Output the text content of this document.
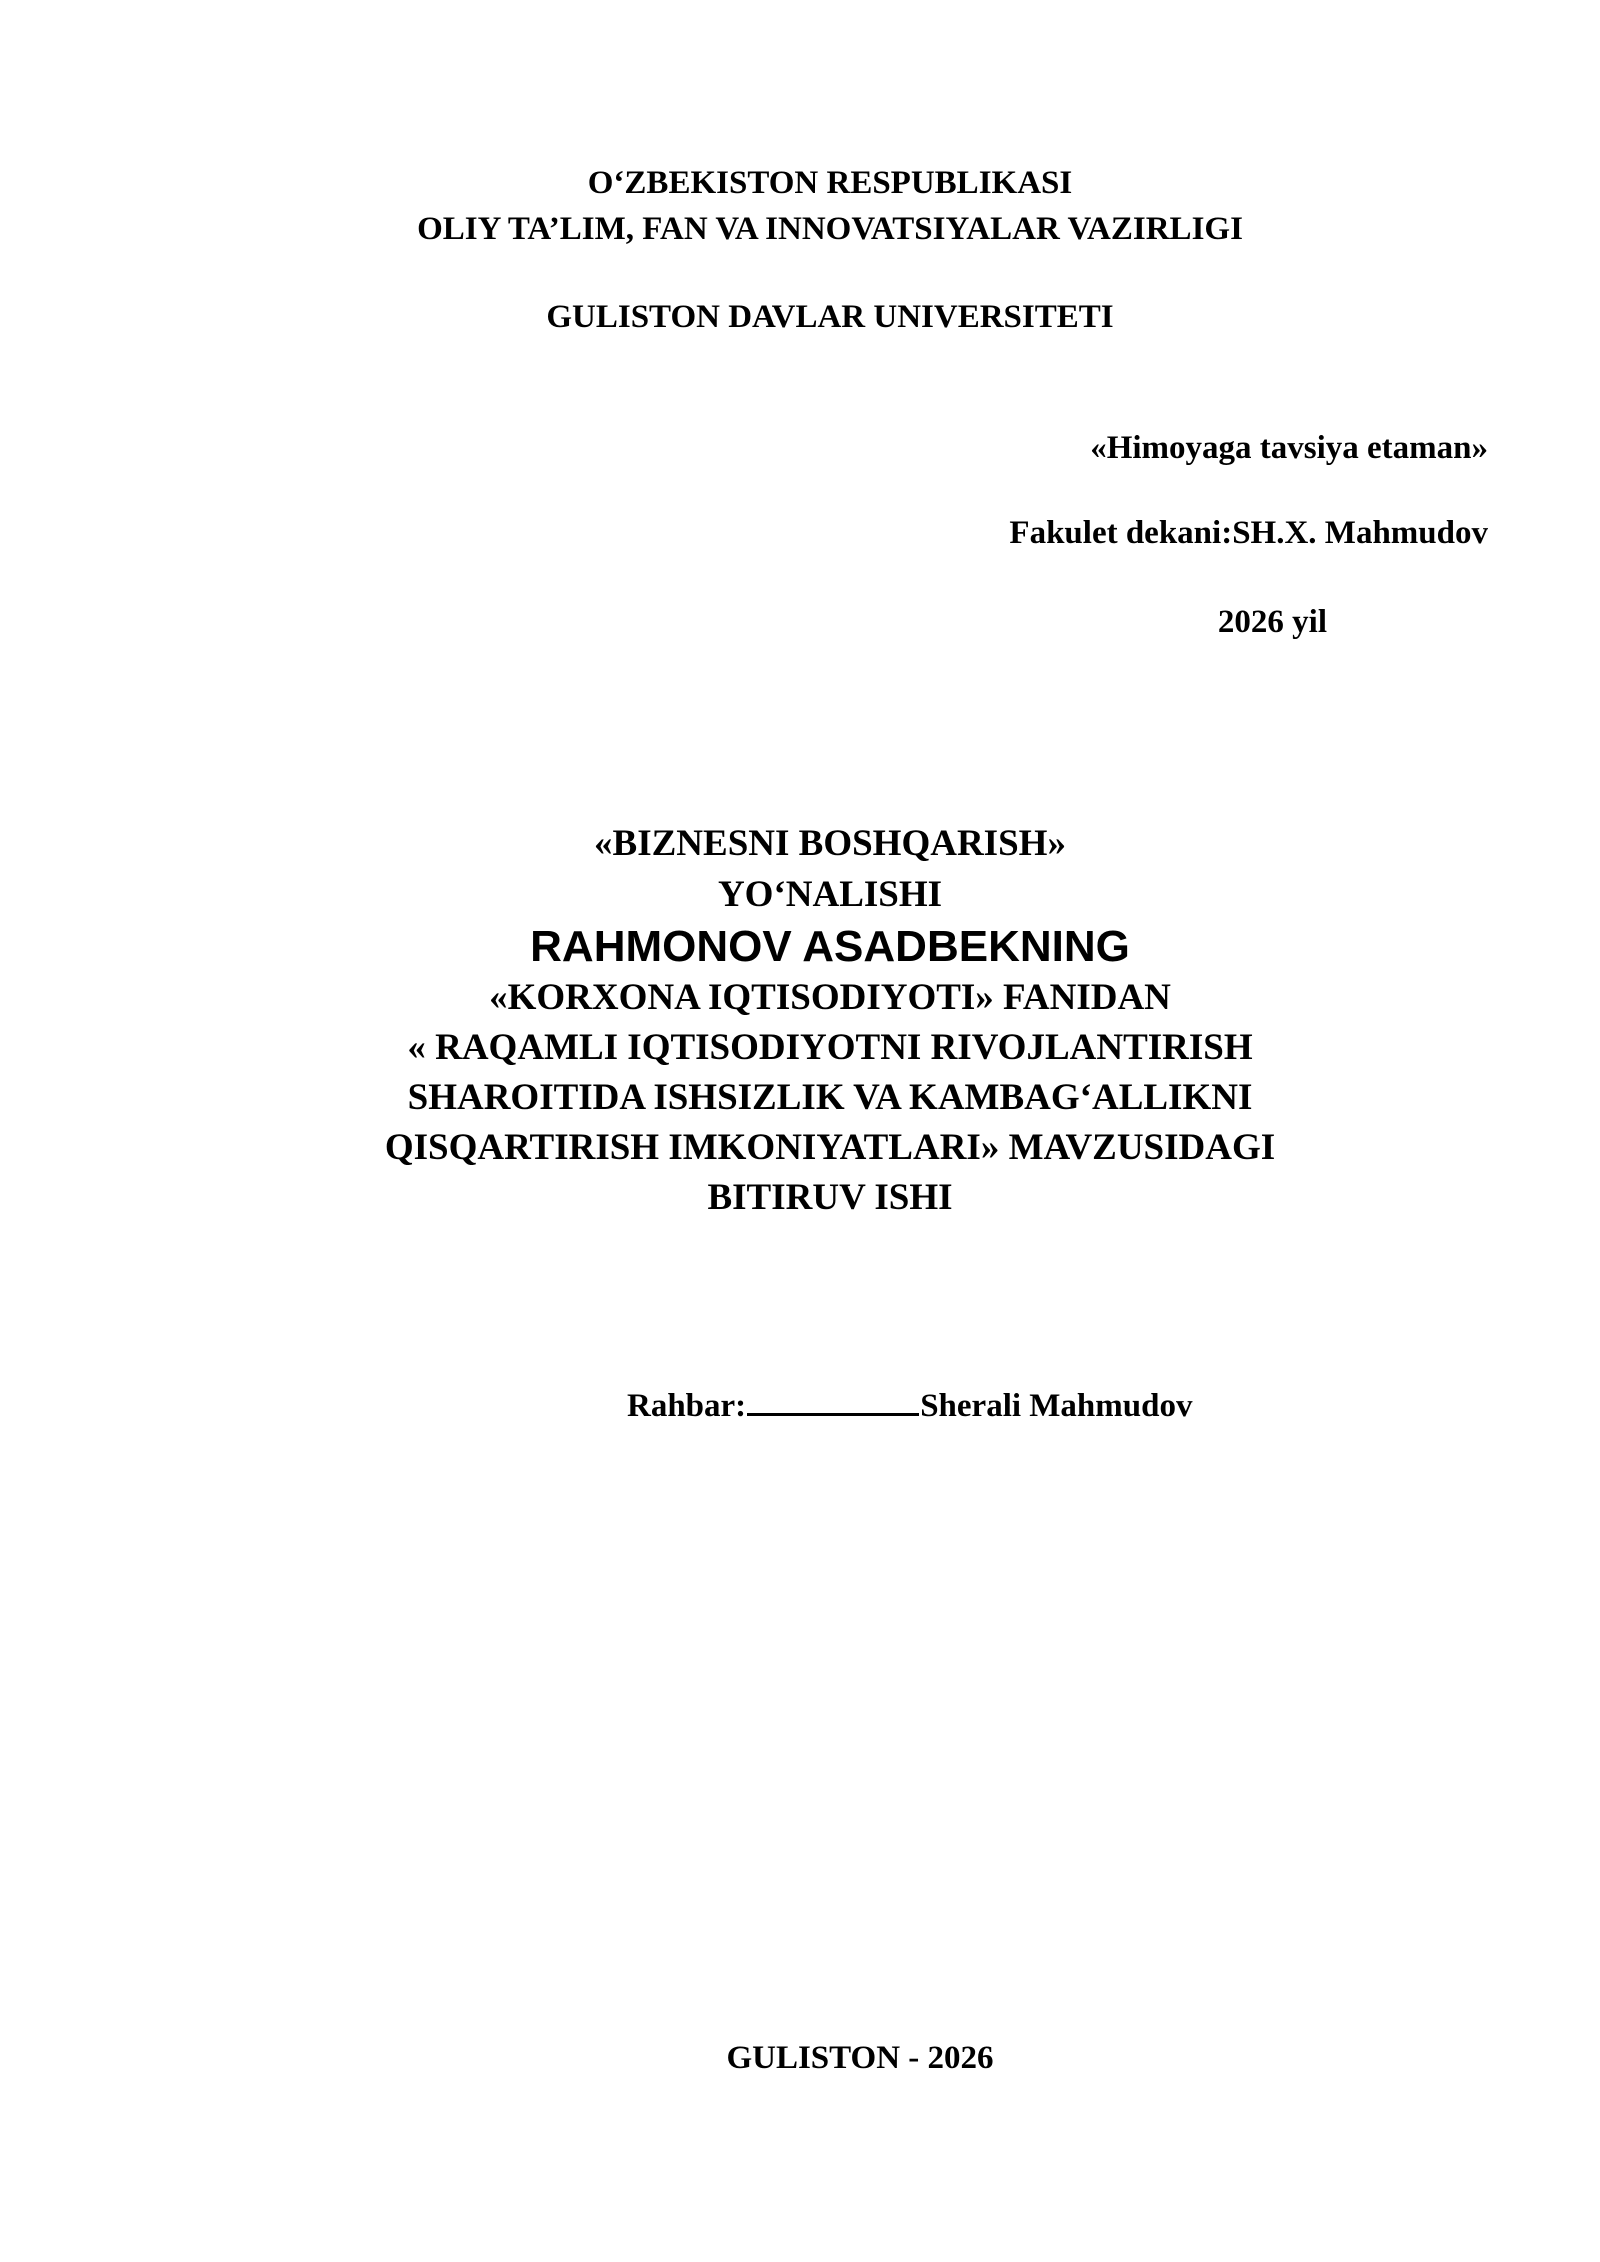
O‘ZBEKISTON RESPUBLIKASI
OLIY TA’LIM, FAN VA INNOVATSIYALAR VAZIRLIGI
GULISTON DAVLAR UNIVERSITETI
«Himoyaga tavsiya etaman»
Fakulet dekani:SH.X. Mahmudov
2026 yil
«BIZNESNI BOSHQARISH»
YO‘NALISHI
RAHMONOV ASADBEKNING
«KORXONA IQTISODIYOTI» FANIDAN
« RAQAMLI IQTISODIYOTNI RIVOJLANTIRISH
SHAROITIDA ISHSIZLIK VA KAMBAG‘ALLIKNI
QISQARTIRISH IMKONIYATLARI» MAVZUSIDAGI
BITIRUV ISHI
Rahbar:	Sherali Mahmudov
GULISTON - 2026
